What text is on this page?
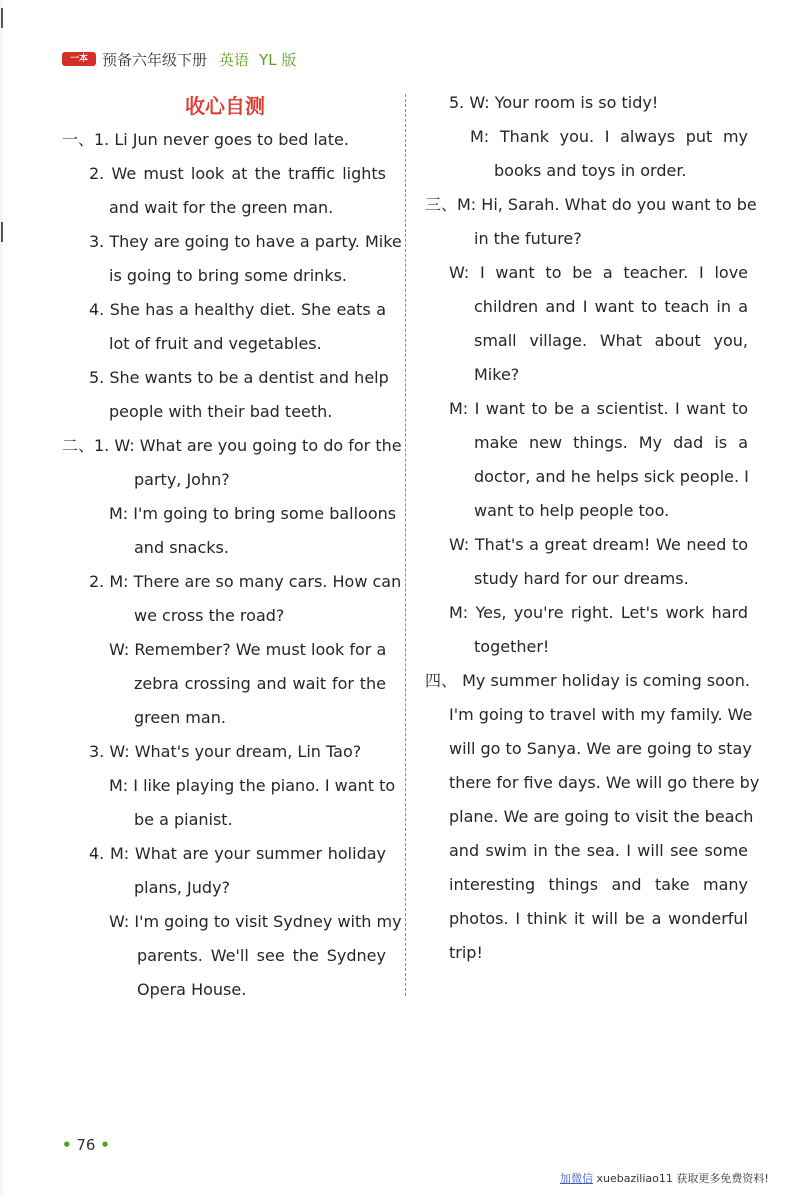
一本 预备六年级下册 英语 YL 版
收心自测
一、1. Li Jun never goes to bed late.
2. We must look at the traffic lights
and wait for the green man.
3. They are going to have a party. Mike
is going to bring some drinks.
4. She has a healthy diet. She eats a
lot of fruit and vegetables.
5. She wants to be a dentist and help
people with their bad teeth.
二、1. W: What are you going to do for the
party, John?
M: I'm going to bring some balloons
and snacks.
2. M: There are so many cars. How can
we cross the road?
W: Remember? We must look for a
zebra crossing and wait for the
green man.
3. W: What's your dream, Lin Tao?
M: I like playing the piano. I want to
be a pianist.
4. M: What are your summer holiday
plans, Judy?
W: I'm going to visit Sydney with my
parents. We'll see the Sydney
Opera House.
5. W: Your room is so tidy!
M: Thank you. I always put my
books and toys in order.
三、M: Hi, Sarah. What do you want to be
in the future?
W: I want to be a teacher. I love
children and I want to teach in a
small village. What about you,
Mike?
M: I want to be a scientist. I want to
make new things. My dad is a
doctor, and he helps sick people. I
want to help people too.
W: That's a great dream! We need to
study hard for our dreams.
M: Yes, you're right. Let's work hard
together!
四、 My summer holiday is coming soon.
I'm going to travel with my family. We
will go to Sanya. We are going to stay
there for five days. We will go there by
plane. We are going to visit the beach
and swim in the sea. I will see some
interesting things and take many
photos. I think it will be a wonderful
trip!
• 76 •
加微信 xuebaziliao11 获取更多免费资料!
